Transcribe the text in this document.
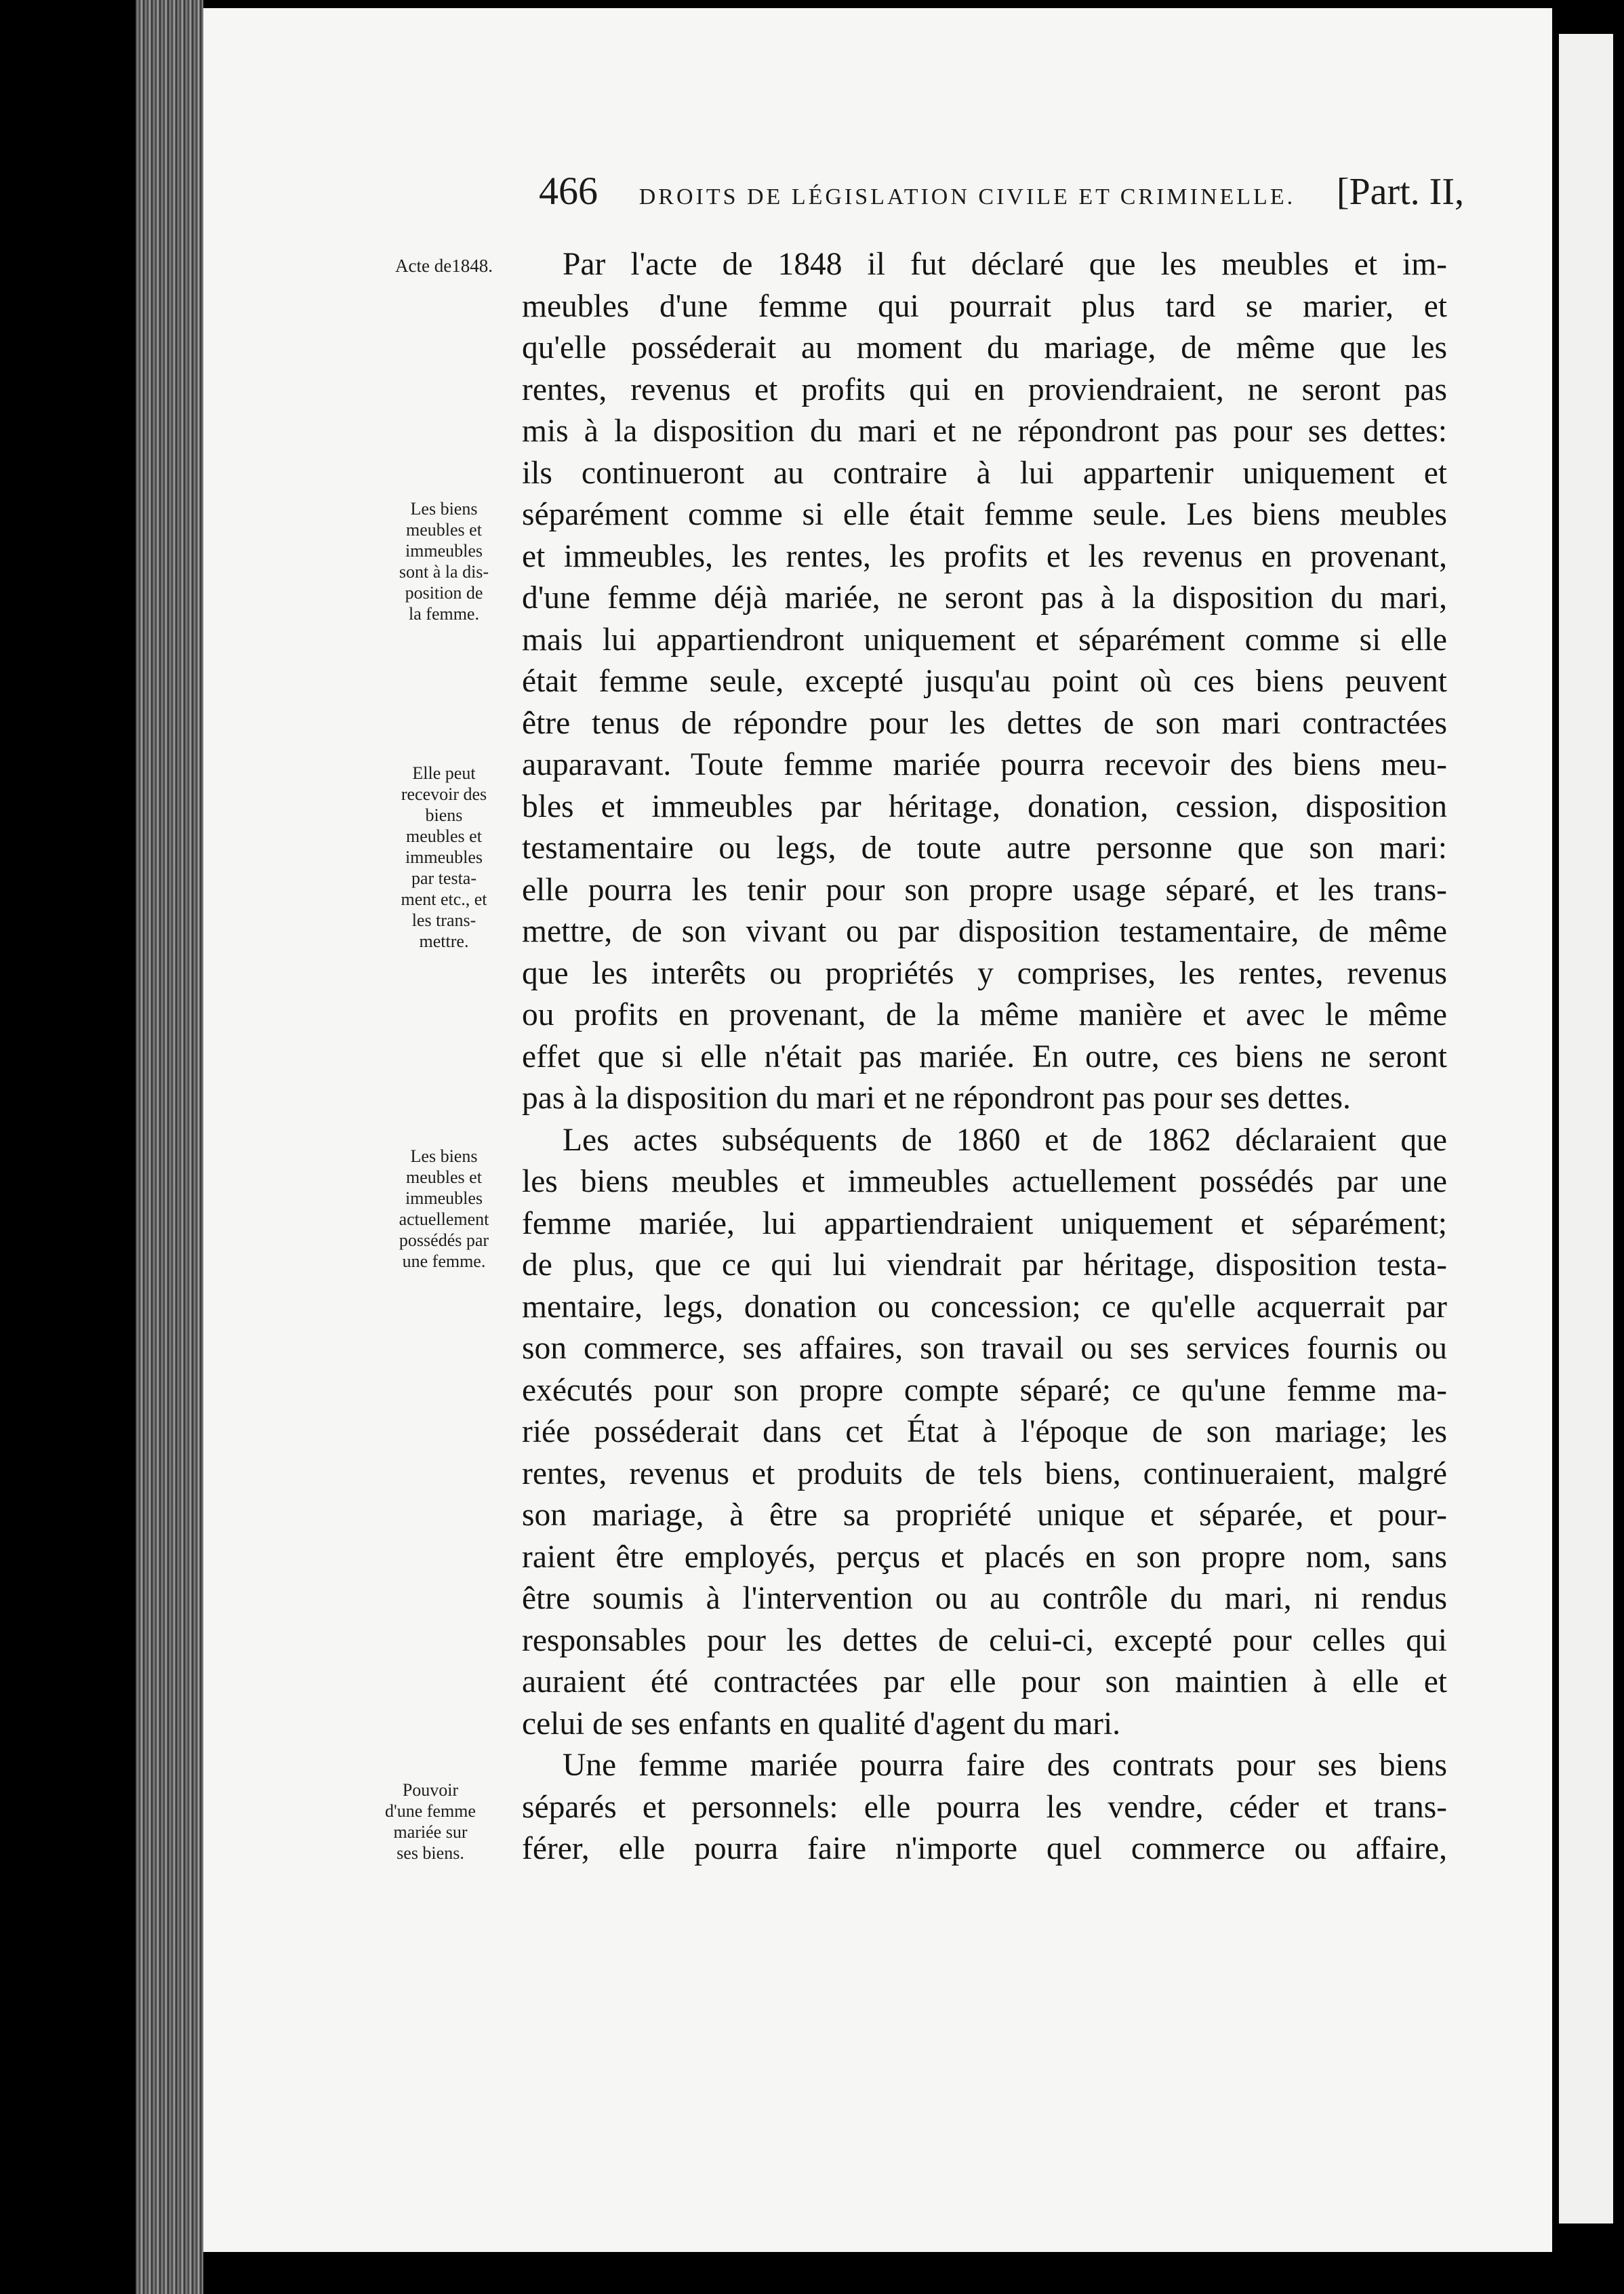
466 DROITS DE LÉGISLATION CIVILE ET CRIMINELLE. [Part. II,
Acte de1848.
Les biens
meubles et
immeubles
sont à la dis-
position de
la femme.
Elle peut
recevoir des
biens
meubles et
immeubles
par testa-
ment etc., et
les trans-
mettre.
Les biens
meubles et
immeubles
actuellement
possédés par
une femme.
Pouvoir
d'une femme
mariée sur
ses biens.
Par l'acte de 1848 il fut déclaré que les meubles et im-
meubles d'une femme qui pourrait plus tard se marier, et
qu'elle posséderait au moment du mariage, de même que les
rentes, revenus et profits qui en proviendraient, ne seront pas
mis à la disposition du mari et ne répondront pas pour ses dettes:
ils continueront au contraire à lui appartenir uniquement et
séparément comme si elle était femme seule. Les biens meubles
et immeubles, les rentes, les profits et les revenus en provenant,
d'une femme déjà mariée, ne seront pas à la disposition du mari,
mais lui appartiendront uniquement et séparément comme si elle
était femme seule, excepté jusqu'au point où ces biens peuvent
être tenus de répondre pour les dettes de son mari contractées
auparavant. Toute femme mariée pourra recevoir des biens meu-
bles et immeubles par héritage, donation, cession, disposition
testamentaire ou legs, de toute autre personne que son mari:
elle pourra les tenir pour son propre usage séparé, et les trans-
mettre, de son vivant ou par disposition testamentaire, de même
que les interêts ou propriétés y comprises, les rentes, revenus
ou profits en provenant, de la même manière et avec le même
effet que si elle n'était pas mariée. En outre, ces biens ne seront
pas à la disposition du mari et ne répondront pas pour ses dettes.
Les actes subséquents de 1860 et de 1862 déclaraient que
les biens meubles et immeubles actuellement possédés par une
femme mariée, lui appartiendraient uniquement et séparément;
de plus, que ce qui lui viendrait par héritage, disposition testa-
mentaire, legs, donation ou concession; ce qu'elle acquerrait par
son commerce, ses affaires, son travail ou ses services fournis ou
exécutés pour son propre compte séparé; ce qu'une femme ma-
riée posséderait dans cet État à l'époque de son mariage; les
rentes, revenus et produits de tels biens, continueraient, malgré
son mariage, à être sa propriété unique et séparée, et pour-
raient être employés, perçus et placés en son propre nom, sans
être soumis à l'intervention ou au contrôle du mari, ni rendus
responsables pour les dettes de celui-ci, excepté pour celles qui
auraient été contractées par elle pour son maintien à elle et
celui de ses enfants en qualité d'agent du mari.
Une femme mariée pourra faire des contrats pour ses biens
séparés et personnels: elle pourra les vendre, céder et trans-
férer, elle pourra faire n'importe quel commerce ou affaire,
